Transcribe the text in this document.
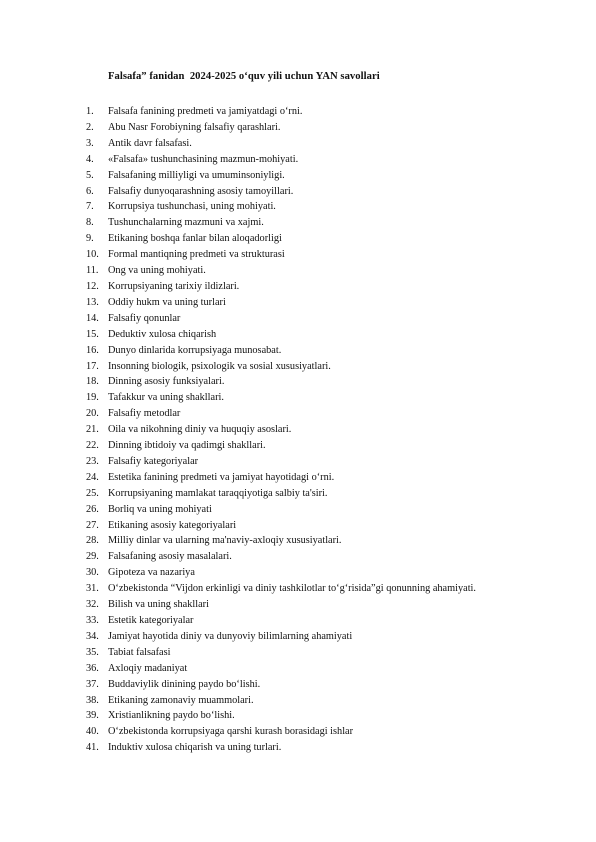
Falsafa” fanidan  2024-2025 o‘quv yili uchun YAN savollari
1.	Falsafa fanining predmeti va jamiyatdagi o‘rni.
2.	Abu Nasr Forobiyning falsafiy qarashlari.
3.	Antik davr falsafasi.
4.	«Falsafa» tushunchasining mazmun-mohiyati.
5.	Falsafaning milliyligi va umuminsoniyligi.
6.	Falsafiy dunyoqarashning asosiy tamoyillari.
7.	Korrupsiya tushunchasi, uning mohiyati.
8.	Tushunchalarning mazmuni va xajmi.
9.	Etikaning boshqa fanlar bilan aloqadorligi
10. Formal mantiqning predmeti va strukturasi
11. Ong va uning mohiyati.
12. Korrupsiyaning tarixiy ildizlari.
13. Oddiy hukm va uning turlari
14. Falsafiy qonunlar
15. Deduktiv xulosa chiqarish
16. Dunyo dinlarida korrupsiyaga munosabat.
17. Insonning biologik, psixologik va sosial xususiyatlari.
18. Dinning asosiy funksiyalari.
19. Tafakkur va uning shakllari.
20. Falsafiy metodlar
21. Oila va nikohning diniy va huquqiy asoslari.
22. Dinning ibtidoiy va qadimgi shakllari.
23. Falsafiy kategoriyalar
24. Estetika fanining predmeti va jamiyat hayotidagi o‘rni.
25. Korrupsiyaning mamlakat taraqqiyotiga salbiy ta'siri.
26. Borliq va uning mohiyati
27. Etikaning asosiy kategoriyalari
28. Milliy dinlar va ularning ma'naviy-axloqiy xususiyatlari.
29. Falsafaning asosiy masalalari.
30. Gipoteza va nazariya
31. O‘zbekistonda “Vijdon erkinligi va diniy tashkilotlar to‘g‘risida”gi qonunning ahamiyati.
32. Bilish va uning shakllari
33. Estetik kategoriyalar
34. Jamiyat hayotida diniy va dunyoviy bilimlarning ahamiyati
35. Tabiat falsafasi
36. Axloqiy madaniyat
37. Buddaviylik dinining paydo bo‘lishi.
38. Etikaning zamonaviy muammolari.
39. Xristianlikning paydo bo‘lishi.
40. O‘zbekistonda korrupsiyaga qarshi kurash borasidagi ishlar
41. Induktiv xulosa chiqarish va uning turlari.
